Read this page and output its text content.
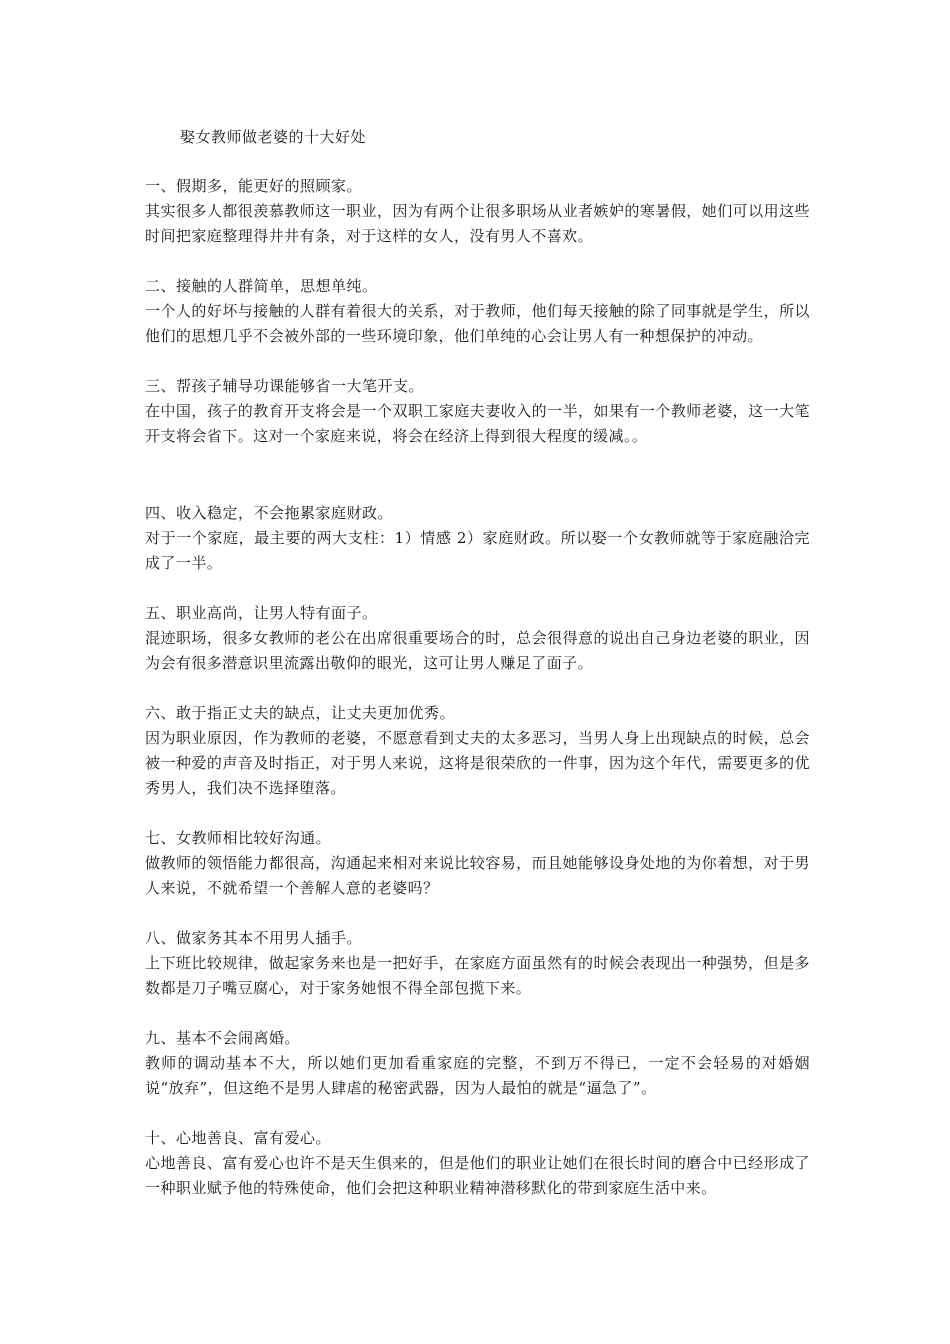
娶女教师做老婆的十大好处

一、假期多，能更好的照顾家。

其实很多人都很羡慕教师这一职业，因为有两个让很多职场从业者嫉妒的寒暑假，她们可以用这些时间把家庭整理得井井有条，对于这样的女人，没有男人不喜欢。

二、接触的人群简单，思想单纯。

一个人的好坏与接触的人群有着很大的关系，对于教师，他们每天接触的除了同事就是学生，所以他们的思想几乎不会被外部的一些环境印象，他们单纯的心会让男人有一种想保护的冲动。

三、帮孩子辅导功课能够省一大笔开支。

在中国，孩子的教育开支将会是一个双职工家庭夫妻收入的一半，如果有一个教师老婆，这一大笔开支将会省下。这对一个家庭来说，将会在经济上得到很大程度的缓减。。

四、收入稳定，不会拖累家庭财政。

对于一个家庭，最主要的两大支柱：1）情感 2）家庭财政。所以娶一个女教师就等于家庭融洽完成了一半。

五、职业高尚，让男人特有面子。

混迹职场，很多女教师的老公在出席很重要场合的时，总会很得意的说出自己身边老婆的职业，因为会有很多潜意识里流露出敬仰的眼光，这可让男人赚足了面子。

六、敢于指正丈夫的缺点，让丈夫更加优秀。

因为职业原因，作为教师的老婆，不愿意看到丈夫的太多恶习，当男人身上出现缺点的时候，总会被一种爱的声音及时指正，对于男人来说，这将是很荣欣的一件事，因为这个年代，需要更多的优秀男人，我们决不选择堕落。

七、女教师相比较好沟通。

做教师的领悟能力都很高，沟通起来相对来说比较容易，而且她能够设身处地的为你着想，对于男人来说，不就希望一个善解人意的老婆吗？

八、做家务其本不用男人插手。

上下班比较规律，做起家务来也是一把好手，在家庭方面虽然有的时候会表现出一种强势，但是多数都是刀子嘴豆腐心，对于家务她恨不得全部包揽下来。

九、基本不会闹离婚。

教师的调动基本不大，所以她们更加看重家庭的完整，不到万不得已，一定不会轻易的对婚姻说“放弃”，但这绝不是男人肆虐的秘密武器，因为人最怕的就是“逼急了”。

十、心地善良、富有爱心。

心地善良、富有爱心也许不是天生俱来的，但是他们的职业让她们在很长时间的磨合中已经形成了一种职业赋予他的特殊使命，他们会把这种职业精神潜移默化的带到家庭生活中来。
